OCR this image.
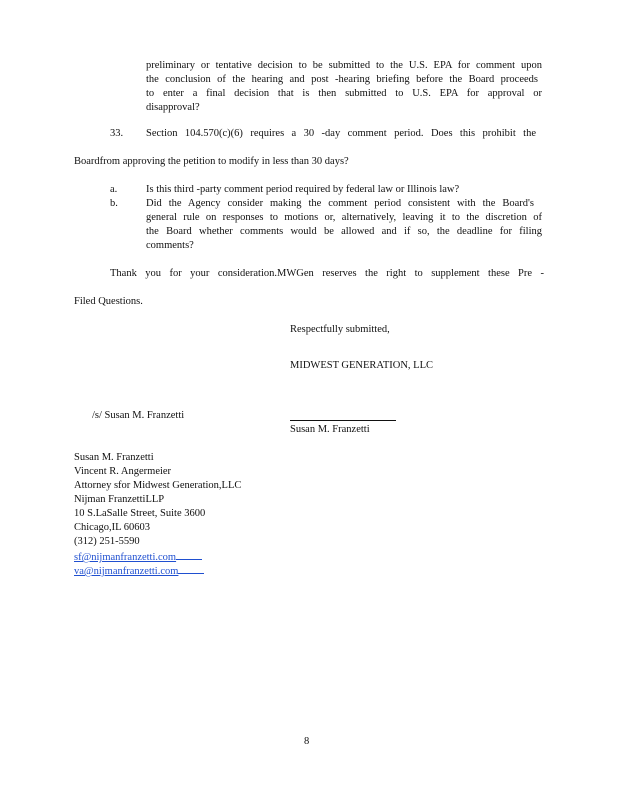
preliminary or tentative decision to be submitted to the U.S. EPA for comment upon
the conclusion of the hearing and post -hearing briefing before the Board proceeds
to enter a final decision that is then submitted to U.S. EPA for approval or
disapproval?
33. Section 104.570(c)(6) requires a 30 -day comment period. Does this prohibit the
Boardfrom approving the petition to modify in less than 30 days?
a.	Is this third -party comment period required by federal law or Illinois law?
b.	Did the Agency consider making the comment period consistent with the Board's
general rule on responses to motions or, alternatively, leaving it to the discretion of
the Board whether comments would be allowed and if so, the deadline for filing
comments?
Thank you for your consideration.MWGen reserves the right to supplement these Pre -
Filed Questions.
Respectfully submitted,
MIDWEST GENERATION, LLC
/s/ Susan M. Franzetti
Susan M. Franzetti
Susan M. Franzetti
Vincent R. Angermeier
Attorney sfor Midwest Generation,LLC
Nijman FranzettiLLP
10 S.LaSalle Street, Suite 3600
Chicago,IL 60603
(312) 251-5590
sf@nijmanfranzetti.com
va@nijmanfranzetti.com
8
